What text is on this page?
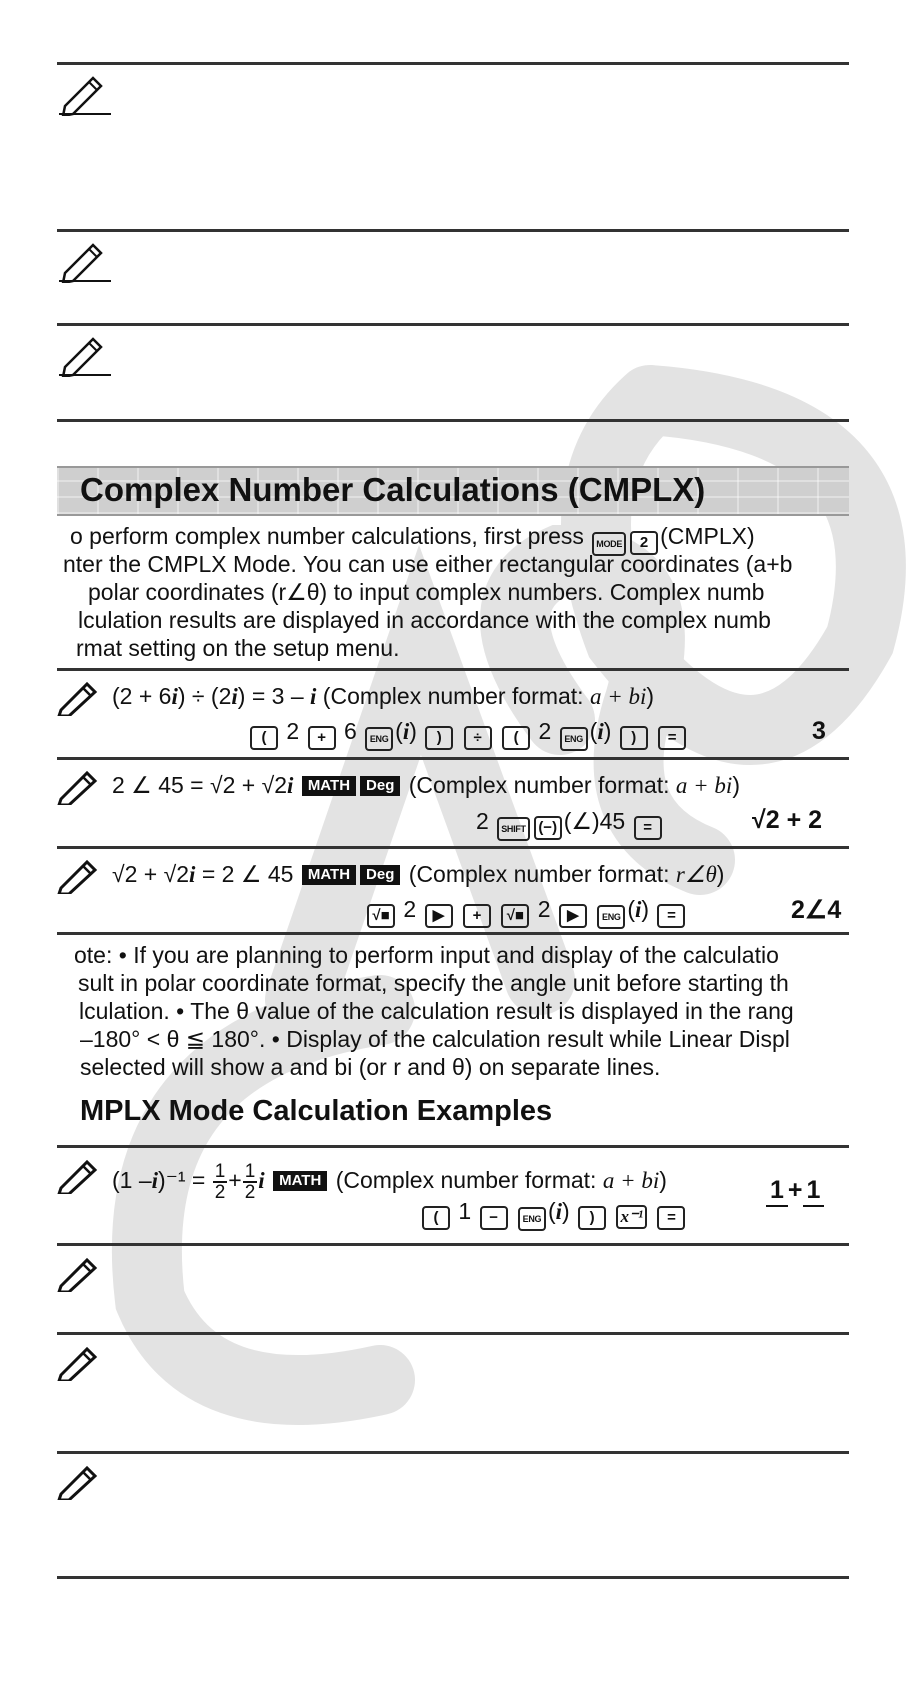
Complex Number Calculations (CMPLX)
o perform complex number calculations, first press MODE 2 (CMPLX)
nter the CMPLX Mode. You can use either rectangular coordinates (a+b
polar coordinates (r∠θ) to input complex numbers. Complex numb
lculation results are displayed in accordance with the complex numb
rmat setting on the setup menu.
(2 + 6i) ÷ (2i) = 3 – i (Complex number format: a + bi)
( 2 + 6 ENG (i) ) ÷ ( 2 ENG (i) ) =	3
2 ∠ 45 = √2 + √2i MATH Deg (Complex number format: a + bi)
2 SHIFT (−) (∠)45 =	√2 + 2
√2 + √2i = 2 ∠ 45 MATH Deg (Complex number format: r∠θ)
√■ 2 ▶ + √■ 2 ▶	ENG (i) =	2∠4
ote: • If you are planning to perform input and display of the calculatio
sult in polar coordinate format, specify the angle unit before starting th
lculation. • The θ value of the calculation result is displayed in the rang
–180° < θ ≦ 180°. • Display of the calculation result while Linear Displ
selected will show a and bi (or r and θ) on separate lines.
MPLX Mode Calculation Examples
(1 $-i)^{-1} = \frac{1}{2} + \frac{1}{2}$ i MATH (Complex number format: a + bi)
( 1 −	ENG (i) ) x⁻¹ =
1 + 1
